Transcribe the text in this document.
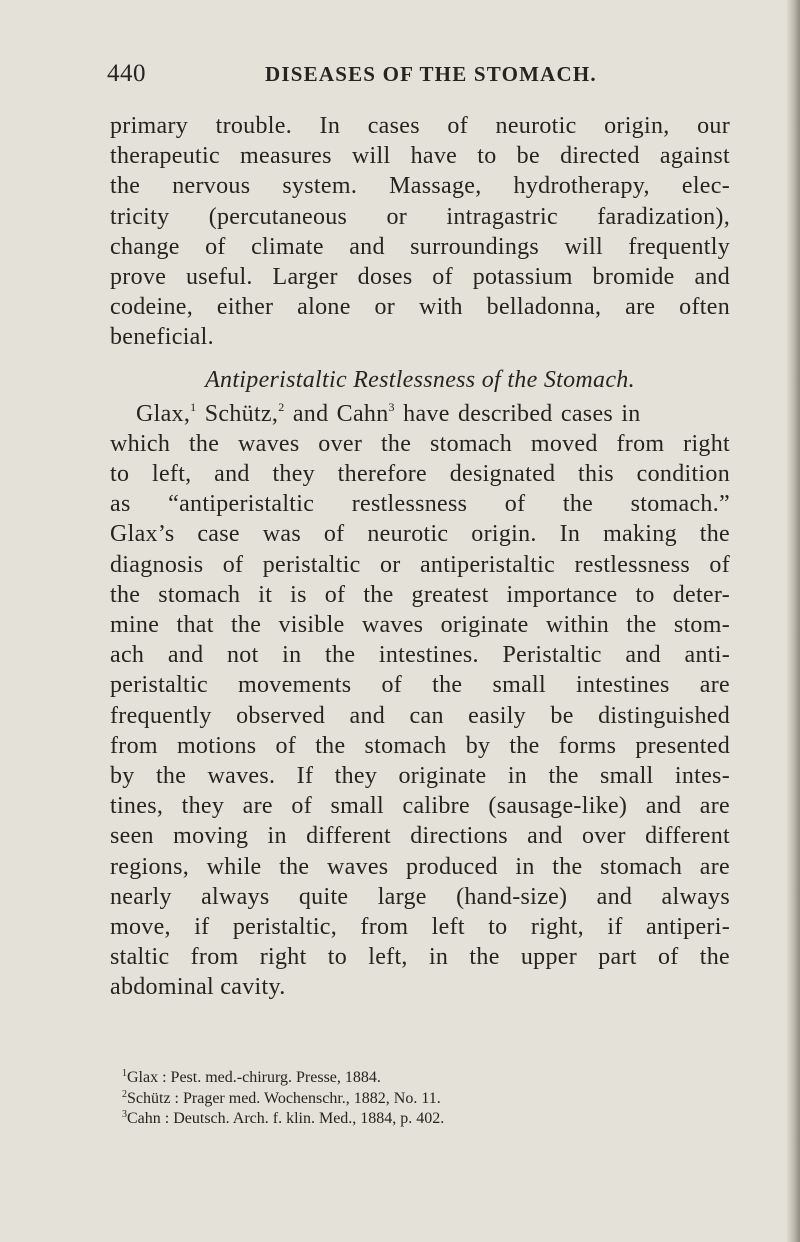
440	DISEASES OF THE STOMACH.
primary trouble. In cases of neurotic origin, our
therapeutic measures will have to be directed against
the nervous system. Massage, hydrotherapy, elec-
tricity (percutaneous or intragastric faradization),
change of climate and surroundings will frequently
prove useful. Larger doses of potassium bromide and
codeine, either alone or with belladonna, are often
beneficial.
Antiperistaltic Restlessness of the Stomach.
Glax,$^1$ Schütz,$^2$ and Cahn$^3$ have described cases in
which the waves over the stomach moved from right
to left, and they therefore designated this condition
as “antiperistaltic restlessness of the stomach.”
Glax’s case was of neurotic origin. In making the
diagnosis of peristaltic or antiperistaltic restlessness of
the stomach it is of the greatest importance to deter-
mine that the visible waves originate within the stom-
ach and not in the intestines. Peristaltic and anti-
peristaltic movements of the small intestines are
frequently observed and can easily be distinguished
from motions of the stomach by the forms presented
by the waves. If they originate in the small intes-
tines, they are of small calibre (sausage-like) and are
seen moving in different directions and over different
regions, while the waves produced in the stomach are
nearly always quite large (hand-size) and always
move, if peristaltic, from left to right, if antiperi-
staltic from right to left, in the upper part of the
abdominal cavity.
$^1$Glax : Pest. med.-chirurg. Presse, 1884.
$^2$Schütz : Prager med. Wochenschr., 1882, No. 11.
$^3$Cahn : Deutsch. Arch. f. klin. Med., 1884, p. 402.
